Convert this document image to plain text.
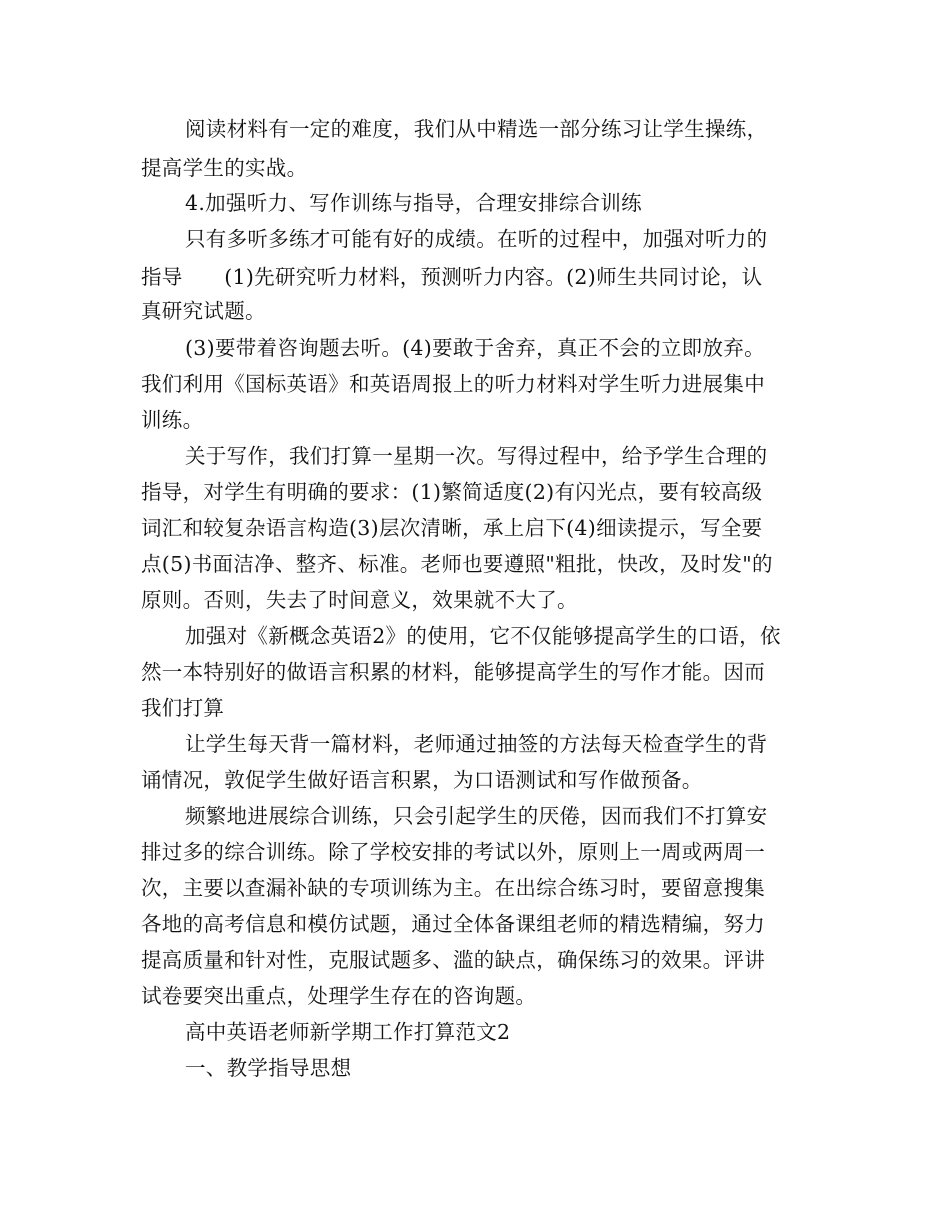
阅读材料有一定的难度，我们从中精选一部分练习让学生操练，
提高学生的实战。
4.加强听力、写作训练与指导，合理安排综合训练
只有多听多练才可能有好的成绩。在听的过程中，加强对听力的
指导　　(1)先研究听力材料，预测听力内容。(2)师生共同讨论，认
真研究试题。
(3)要带着咨询题去听。(4)要敢于舍弃，真正不会的立即放弃。
我们利用《国标英语》和英语周报上的听力材料对学生听力进展集中
训练。
关于写作，我们打算一星期一次。写得过程中，给予学生合理的
指导，对学生有明确的要求：(1)繁简适度(2)有闪光点，要有较高级
词汇和较复杂语言构造(3)层次清晰，承上启下(4)细读提示，写全要
点(5)书面洁净、整齐、标准。老师也要遵照"粗批，快改，及时发"的
原则。否则，失去了时间意义，效果就不大了。
加强对《新概念英语2》的使用，它不仅能够提高学生的口语，依
然一本特别好的做语言积累的材料，能够提高学生的写作才能。因而
我们打算
让学生每天背一篇材料，老师通过抽签的方法每天检查学生的背
诵情况，敦促学生做好语言积累，为口语测试和写作做预备。
频繁地进展综合训练，只会引起学生的厌倦，因而我们不打算安
排过多的综合训练。除了学校安排的考试以外，原则上一周或两周一
次，主要以查漏补缺的专项训练为主。在出综合练习时，要留意搜集
各地的高考信息和模仿试题，通过全体备课组老师的精选精编，努力
提高质量和针对性，克服试题多、滥的缺点，确保练习的效果。评讲
试卷要突出重点，处理学生存在的咨询题。
高中英语老师新学期工作打算范文2
一、教学指导思想
